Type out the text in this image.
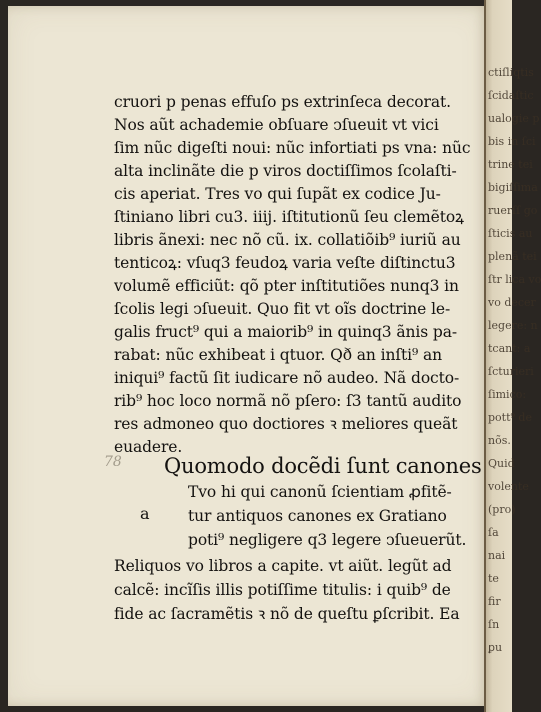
cruori p penas effuſo ps extrinſeca decorat.
Nos aũt achademie obſuare ↄſueuit vt vici
ſim nũc digeſti noui: nũc infortiati ps vna: nũc
alta inclinãte die p viros doctiſſimos ſcolaſti-
cis aperiat. Tres vo qui ſupãt ex codice Ju-
ſtiniano libri cu3. iiij. iſtitutionũ ſeu clemẽtoꝝ
libris ãnexi: nec nõ cũ. ix. collatiõib⁹ iuriũ au
tenticoꝝ: vſuq3 feudoꝝ varia veſte diſtinctu3
volumẽ efficiũt: qõ pter inſtitutiões nunq3 in
ſcolis legi ↄſueuit. Quo fit vt oĩs doctrine le-
galis fruct⁹ qui a maiorib⁹ in quinq3 ãnis pa-
rabat: nũc exhibeat i qtuor. Qð an inſti⁹ an
iniqui⁹ factũ ſit iudicare nõ audeo. Nã docto-
rib⁹ hoc loco normã nõ pſero: ſ3 tantũ audito
res admoneo quo doctiores ꝛ meliores queãt
euadere.
78 Quomodo docẽdi ſunt canones
a
Tvo hi qui canonũ ſcientiam ꝓfitẽ-
tur antiquos canones ex Gratiano
poti⁹ negligere q3 legere ↄſueuerũt.
Reliquos vo libros a capite. vt aiũt. legũt ad
calcẽ: incĩſis illis potiſſime titulis: i quib⁹ de
fide ac ſacramẽtis ꝛ nõ de queſtu ꝑſcribit. Ea
ctiſliqtis
ſcidaſtic
ualogie p
bis in ſci
trine tei
bigiſſima
ruerſſ go
ſticis au
plenã tei
ſtr lica vo
vo decer
legere: n
tcant: a
ſcturieri
ſimico:
pott⁹ de
nõs.
Quid
volente
(pro)
ſa
nai
te
fir
ſn
ꝑu
